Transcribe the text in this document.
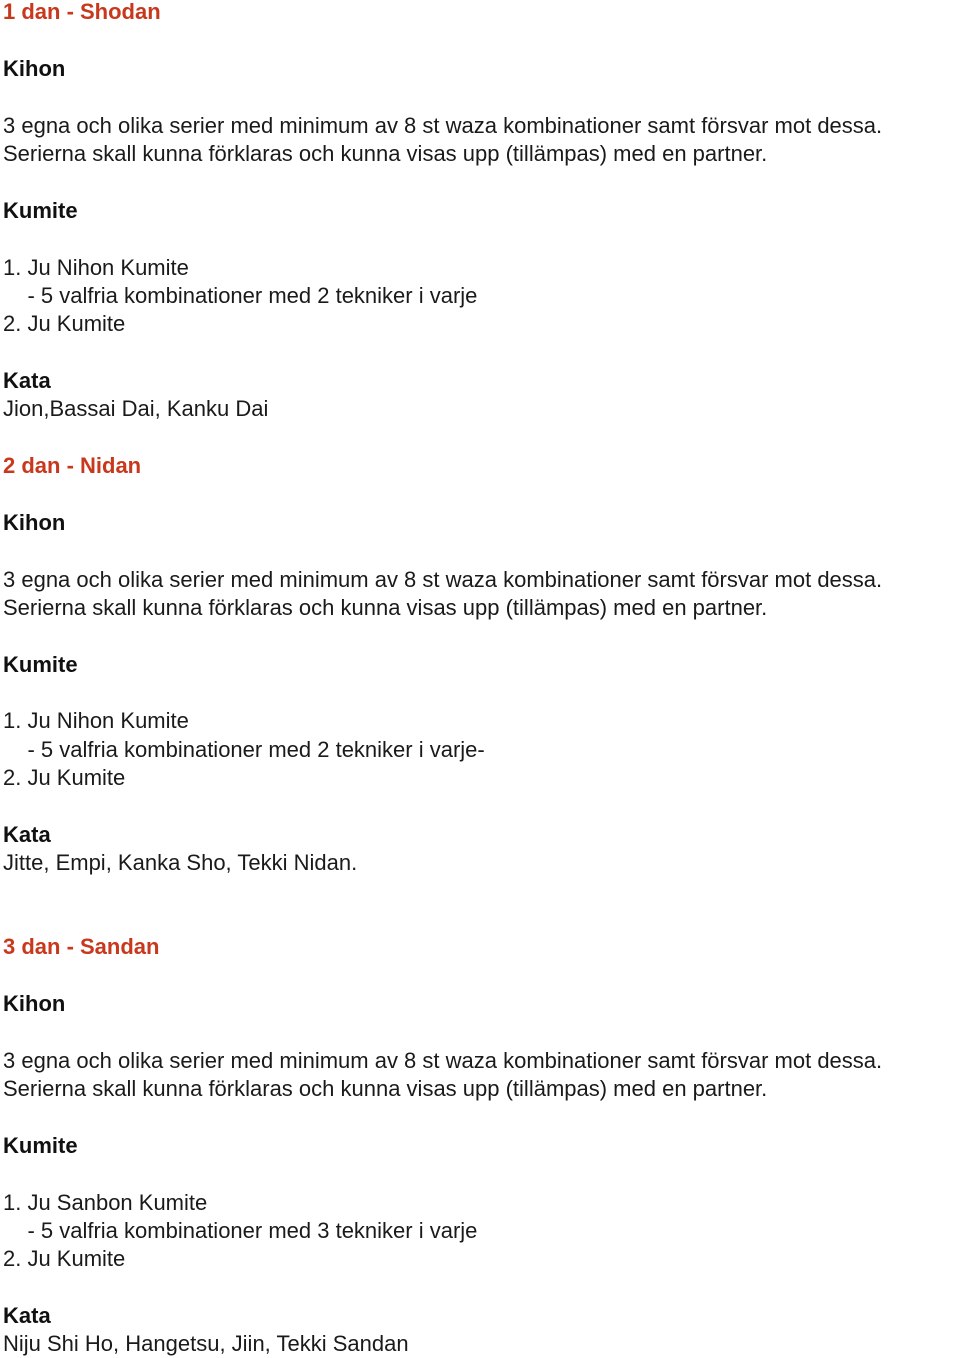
1 dan - Shodan
Kihon
3 egna och olika serier med minimum av 8 st waza kombinationer samt försvar mot dessa.
Serierna skall kunna förklaras och kunna visas upp (tillämpas) med en partner.
Kumite
1. Ju Nihon Kumite
- 5 valfria kombinationer med 2 tekniker i varje
2. Ju Kumite
Kata
Jion,Bassai Dai, Kanku Dai
2 dan - Nidan
Kihon
3 egna och olika serier med minimum av 8 st waza kombinationer samt försvar mot dessa.
Serierna skall kunna förklaras och kunna visas upp (tillämpas) med en partner.
Kumite
1. Ju Nihon Kumite
- 5 valfria kombinationer med 2 tekniker i varje-
2. Ju Kumite
Kata
Jitte, Empi, Kanka Sho, Tekki Nidan.
3 dan - Sandan
Kihon
3 egna och olika serier med minimum av 8 st waza kombinationer samt försvar mot dessa.
Serierna skall kunna förklaras och kunna visas upp (tillämpas) med en partner.
Kumite
1. Ju Sanbon Kumite
- 5 valfria kombinationer med 3 tekniker i varje
2. Ju Kumite
Kata
Niju Shi Ho, Hangetsu, Jiin, Tekki Sandan
